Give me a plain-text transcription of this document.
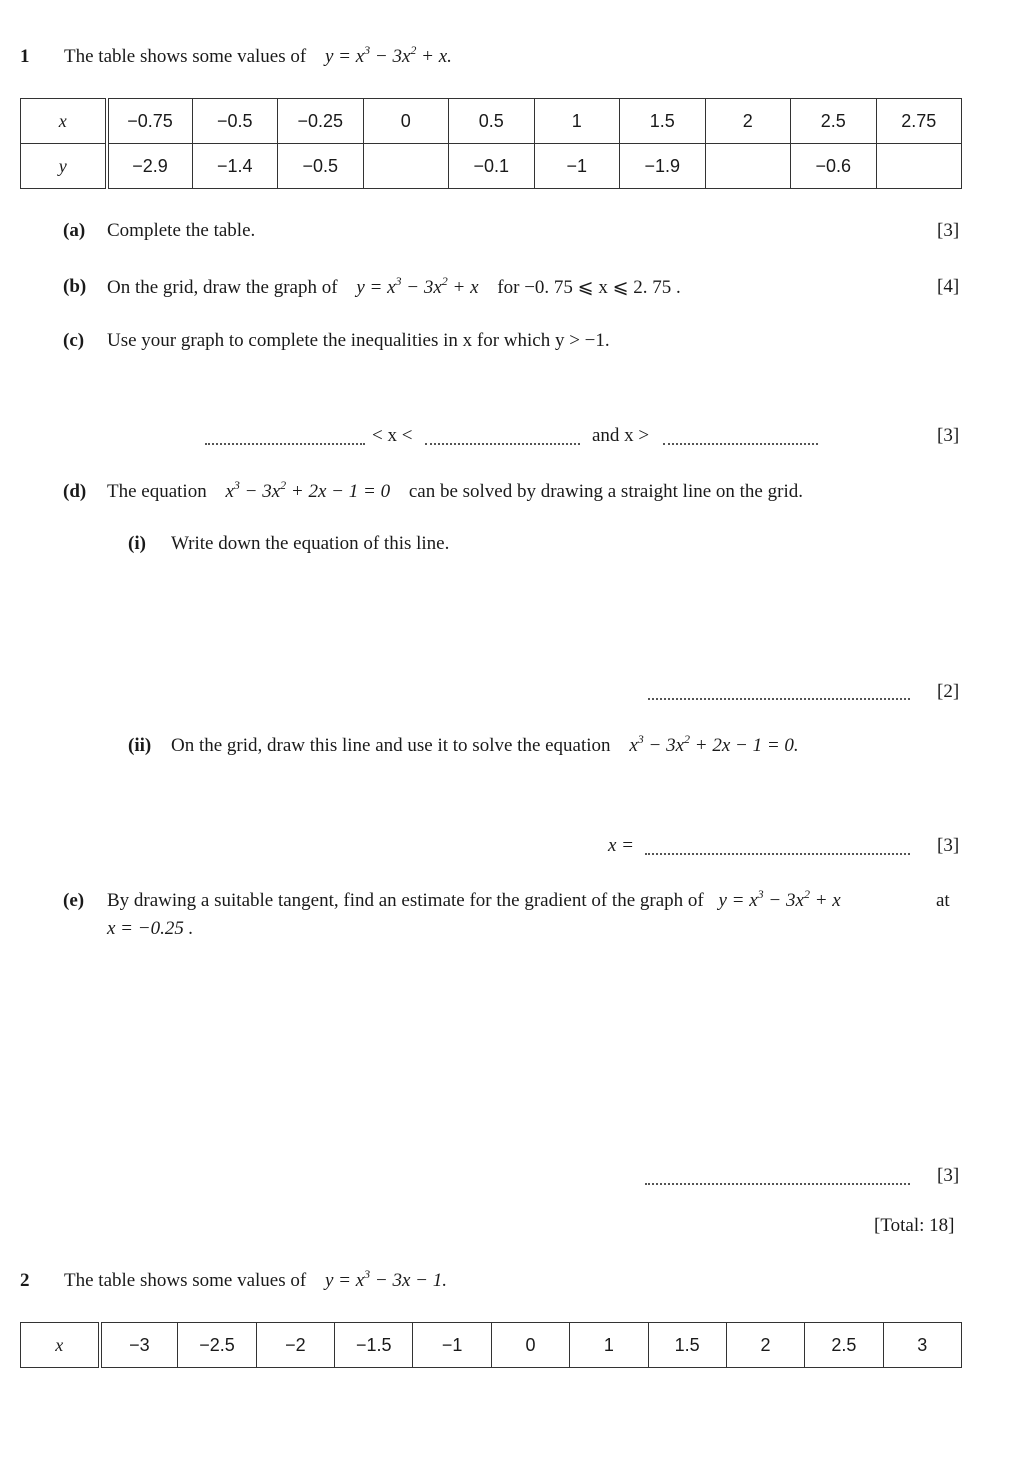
1 The table shows some values of $y = x^3 - 3x^2 + x$.
x	−0.75	−0.5	−0.25	0	0.5	1	1.5	2	2.5	2.75
y	−2.9	−1.4	−0.5		−0.1	−1	−1.9		−0.6	
(a) Complete the table.	[3]
(b) On the grid, draw the graph of $y = x^3 - 3x^2 + x$ for −0. 75 ⩽ x ⩽ 2. 75 .	[4]
(c) Use your graph to complete the inequalities in x for which y > −1.
< x <	and x >	[3]
(d) The equation $x^3 - 3x^2 + 2x - 1 = 0$ can be solved by drawing a straight line on the grid.
(i) Write down the equation of this line.
[2]
(ii) On the grid, draw this line and use it to solve the equation $x^3 - 3x^2 + 2x - 1 = 0$.
x =	[3]
(e) By drawing a suitable tangent, find an estimate for the gradient of the graph of $y = x^3 - 3x^2 + x$	at
x = −0.25 .
[3]
[Total: 18]
2 The table shows some values of $y = x^3 - 3x - 1$.
x	−3	−2.5	−2	−1.5	−1	0	1	1.5	2	2.5	3
